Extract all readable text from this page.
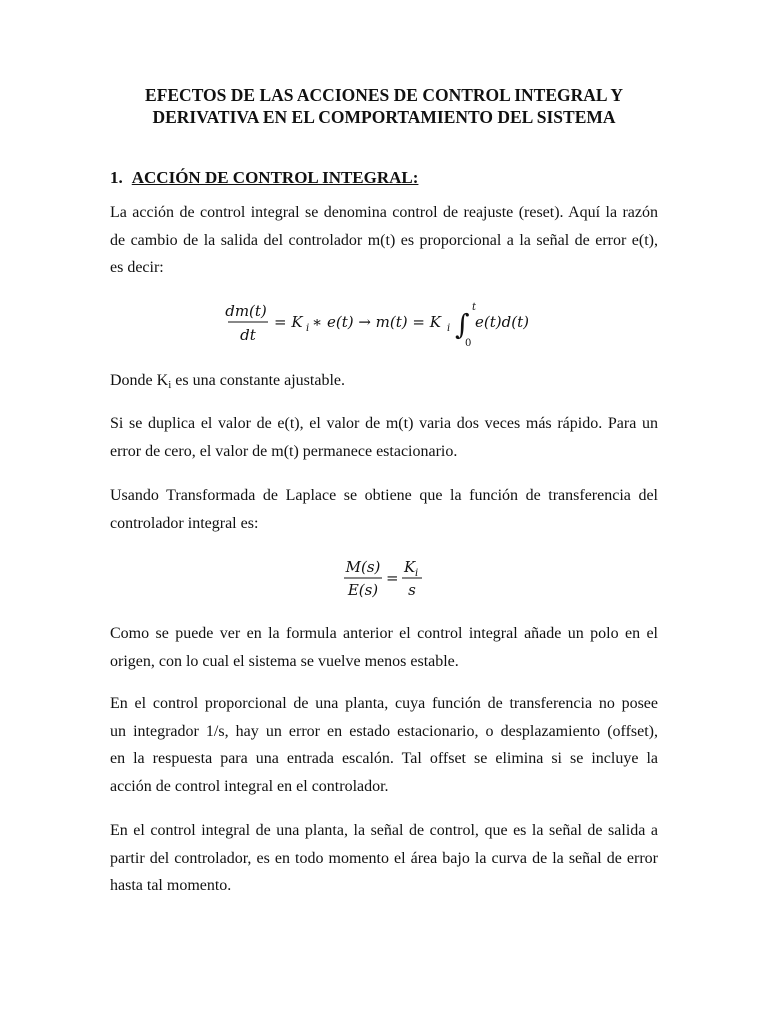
EFECTOS DE LAS ACCIONES DE CONTROL INTEGRAL Y
DERIVATIVA EN EL COMPORTAMIENTO DEL SISTEMA
1. ACCIÓN DE CONTROL INTEGRAL:
La acción de control integral se denomina control de reajuste (reset). Aquí la razón
de cambio de la salida del controlador m(t) es proporcional a la señal de error e(t),
es decir:
dm(t)
dt
= K i ∗ e(t) → m(t) = K i ∫
t
0
e(t)d(t)
Donde $K_i$ es una constante ajustable.
Si se duplica el valor de e(t), el valor de m(t) varia dos veces más rápido. Para un
error de cero, el valor de m(t) permanece estacionario.
Usando Transformada de Laplace se obtiene que la función de transferencia del
controlador integral es:
M(s)
E(s)
=
K i
s
Como se puede ver en la formula anterior el control integral añade un polo en el
origen, con lo cual el sistema se vuelve menos estable.
En el control proporcional de una planta, cuya función de transferencia no posee
un integrador 1/s, hay un error en estado estacionario, o desplazamiento (offset),
en la respuesta para una entrada escalón. Tal offset se elimina si se incluye la
acción de control integral en el controlador.
En el control integral de una planta, la señal de control, que es la señal de salida a
partir del controlador, es en todo momento el área bajo la curva de la señal de error
hasta tal momento.
